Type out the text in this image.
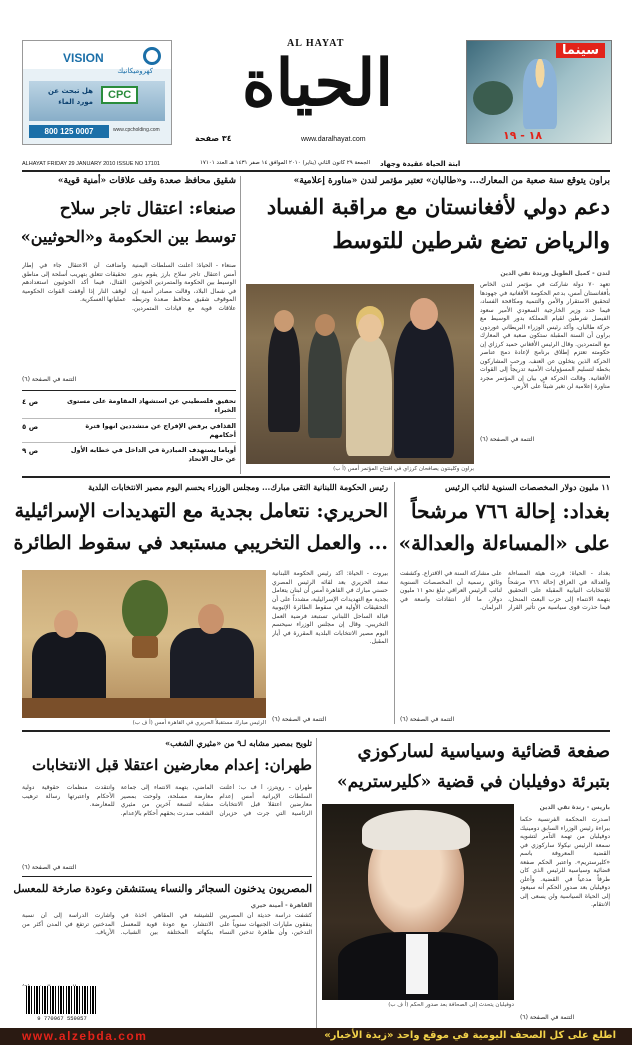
VISION
كهروميكانيك
هل تبحث عن
مورد الماء
CPC
800 125 0007	www.cpcholding.com
AL HAYAT
الحياة
www.daralhayat.com
٣٤ صفحة
سينما
١٨ - ١٩
ابنة الحياة عقيدة وجهاد
ALHAYAT FRIDAY 29 JANUARY 2010 ISSUE NO 17101	الجمعة ٢٩ كانون الثاني (يناير) ٢٠١٠ الموافق ١٤ صفر ١٤٣١ هـ العدد ١٧١٠١
براون يتوقع سنة صعبة من المعارك... و«طالبان» تعتبر مؤتمر لندن «مناورة إعلامية»
دعم دولي لأفغانستان مع مراقبة الفساد
والرياض تضع شرطين للتوسط
لندن - كميل الطويل ورندة تقي الدين
تعهد ٧٠ دولة شاركت في مؤتمر لندن الخاص بأفغانستان أمس، بدعم الحكومة الأفغانية في جهودها لتحقيق الاستقرار والأمن والتنمية ومكافحة الفساد، فيما حدد وزير الخارجية السعودي الأمير سعود الفيصل شرطين لقيام المملكة بدور الوسيط مع حركة طالبان، وأكد رئيس الوزراء البريطاني غوردون براون أن السنة المقبلة ستكون صعبة في المعارك مع المتمردين. وقال الرئيس الأفغاني حميد كرزاي إن حكومته تعتزم إطلاق برنامج لإعادة دمج عناصر الحركة الذين يتخلون عن العنف. ورحب المشاركون بخطة لتسليم المسؤوليات الأمنية تدريجاً إلى القوات الأفغانية. وقالت الحركة في بيان إن المؤتمر مجرد مناورة إعلامية لن تغير شيئاً على الأرض.
التتمة في الصفحة (٦)
براون وكلينتون يصافحان كرزاي في افتتاح المؤتمر أمس (أ ب)
شقيق محافظ صعدة وقف علاقات «أمنية قوية»
صنعاء: اعتقال تاجر سلاح
توسط بين الحكومة و«الحوثيين»
صنعاء - الحياة: أعلنت السلطات اليمنية أمس اعتقال تاجر سلاح بارز يقوم بدور الوسيط بين الحكومة والمتمردين الحوثيين في شمال البلاد، وقالت مصادر أمنية إن الموقوف شقيق محافظ صعدة وتربطه علاقات قوية مع قيادات المتمردين. وأضافت أن الاعتقال جاء في إطار تحقيقات تتعلق بتهريب أسلحة إلى مناطق القتال، فيما أكد الحوثيون استعدادهم لوقف النار إذا أوقفت القوات الحكومية عملياتها العسكرية.
التتمة في الصفحة (٦)
ص ٤	تحقيق فلسطيني عن استشهاد المقاومة على مستوى الخبراء
ص ٥	القذافي يرفض الإفراج عن متشددين انهوا فترة أحكامهم
ص ٩	أوباما يستهدف المبادرة في الداخل في خطابه الأول عن حال الاتحاد
١١ مليون دولار المخصصات السنوية لنائب الرئيس
بغداد: إحالة ٧٦٦ مرشحاً
على «المساءلة والعدالة»
بغداد - الحياة: قررت هيئة المساءلة والعدالة في العراق إحالة ٧٦٦ مرشحاً للانتخابات النيابية المقبلة على التحقيق بتهمة الانتماء إلى حزب البعث المنحل، فيما حذرت قوى سياسية من تأثير القرار على مشاركة السنة في الاقتراع. وكشفت وثائق رسمية أن المخصصات السنوية لنائب الرئيس العراقي تبلغ نحو ١١ مليون دولار، ما أثار انتقادات واسعة في البرلمان.
التتمة في الصفحة (٦)
رئيس الحكومة اللبنانية التقى مبارك... ومجلس الوزراء يحسم اليوم مصير الانتخابات البلدية
الحريري: نتعامل بجدية مع التهديدات الإسرائيلية
... والعمل التخريبي مستبعد في سقوط الطائرة
بيروت - الحياة: أكد رئيس الحكومة اللبنانية سعد الحريري بعد لقائه الرئيس المصري حسني مبارك في القاهرة أمس أن لبنان يتعامل بجدية مع التهديدات الإسرائيلية، مشدداً على أن التحقيقات الأولية في سقوط الطائرة الإثيوبية قبالة الساحل اللبناني تستبعد فرضية العمل التخريبي. وقال إن مجلس الوزراء سيحسم اليوم مصير الانتخابات البلدية المقررة في أيار المقبل.
التتمة في الصفحة (٦)
الرئيس مبارك مستقبلاً الحريري في القاهرة أمس (أ ف ب)
صفعة قضائية وسياسية لساركوزي
بتبرئة دوفيلبان في قضية «كليرستريم»
باريس - رندة تقي الدين
أصدرت المحكمة الفرنسية حكماً ببراءة رئيس الوزراء السابق دومينيك دوفيلبان من تهمة التآمر لتشويه سمعة الرئيس نيكولا ساركوزي في القضية المعروفة باسم «كليرستريم». واعتبر الحكم صفعة قضائية وسياسية للرئيس الذي كان طرفاً مدعياً في القضية. وأعلن دوفيلبان بعد صدور الحكم أنه سيعود إلى الحياة السياسية ولن يسعى إلى الانتقام.
التتمة في الصفحة (٦)
دوفيلبان يتحدث إلى الصحافة بعد صدور الحكم (أ ف ب)
تلويح بمصير مشابه لـ٩ من «مثيري الشغب»
طهران: إعدام معارضين اعتقلا قبل الانتخابات
طهران - رويترز، أ ف ب: أعلنت السلطات الإيرانية أمس إعدام معارضين اعتقلا قبل الانتخابات الرئاسية التي جرت في حزيران الماضي، بتهمة الانتماء إلى جماعة معارضة مسلحة، ولوحت بمصير مشابه لتسعة آخرين من مثيري الشغب صدرت بحقهم أحكام بالإعدام. وانتقدت منظمات حقوقية دولية الأحكام واعتبرتها رسالة ترهيب للمعارضة.
التتمة في الصفحة (٦)
المصريون يدخنون السجائر والنساء يستنشقن وعودة صارخة للمعسل
القاهرة - أمينة خيري
كشفت دراسة حديثة أن المصريين ينفقون مليارات الجنيهات سنوياً على التدخين، وأن ظاهرة تدخين النساء للشيشة في المقاهي آخذة في الانتشار، مع عودة قوية للمعسل بنكهاته المختلفة بين الشباب. وأشارت الدراسة إلى أن نسبة المدخنين ترتفع في المدن أكثر من الأرياف.
9 770967 559057
www.alzebda.com	اطلع على كل الصحف اليومية في موقع واحد «زبدة الأخبار»
